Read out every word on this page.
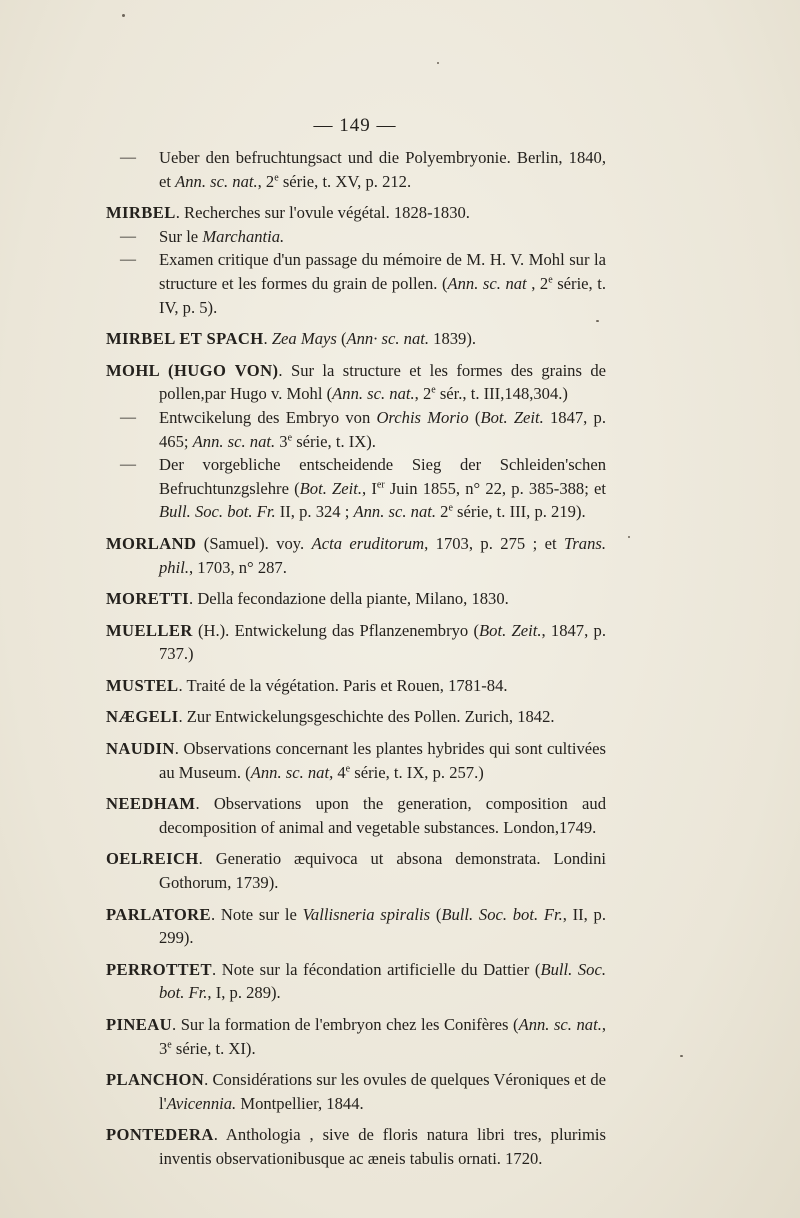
— 149 —
— Ueber den befruchtungsact und die Polyembryonie. Berlin, 1840, et Ann. sc. nat., 2e série, t. XV, p. 212.
MIRBEL. Recherches sur l'ovule végétal. 1828-1830.
— Sur le Marchantia.
— Examen critique d'un passage du mémoire de M. H. V. Mohl sur la structure et les formes du grain de pollen. (Ann. sc. nat , 2e série, t. IV, p. 5).
MIRBEL ET SPACH. Zea Mays (Ann· sc. nat. 1839).
MOHL (HUGO VON). Sur la structure et les formes des grains de pollen,par Hugo v. Mohl (Ann. sc. nat., 2e sér., t. III,148,304.)
— Entwcikelung des Embryo von Orchis Morio (Bot. Zeit. 1847, p. 465; Ann. sc. nat. 3e série, t. IX).
— Der vorgebliche entscheidende Sieg der Schleiden'schen Befruchtunzgslehre (Bot. Zeit., Ier Juin 1855, n° 22, p. 385-388; et Bull. Soc. bot. Fr. II, p. 324 ; Ann. sc. nat. 2e série, t. III, p. 219).
MORLAND (Samuel). voy. Acta eruditorum, 1703, p. 275 ; et Trans. phil., 1703, n° 287.
MORETTI. Della fecondazione della piante, Milano, 1830.
MUELLER (H.). Entwickelung das Pflanzenembryo (Bot. Zeit., 1847, p. 737.)
MUSTEL. Traité de la végétation. Paris et Rouen, 1781-84.
NÆGELI. Zur Entwickelungsgeschichte des Pollen. Zurich, 1842.
NAUDIN. Observations concernant les plantes hybrides qui sont cultivées au Museum. (Ann. sc. nat, 4e série, t. IX, p. 257.)
NEEDHAM. Observations upon the generation, composition aud decomposition of animal and vegetable substances. London,1749.
OELREICH. Generatio æquivoca ut absona demonstrata. Londini Gothorum, 1739).
PARLATORE. Note sur le Vallisneria spiralis (Bull. Soc. bot. Fr., II, p. 299).
PERROTTET. Note sur la fécondation artificielle du Dattier (Bull. Soc. bot. Fr., I, p. 289).
PINEAU. Sur la formation de l'embryon chez les Conifères (Ann. sc. nat., 3e série, t. XI).
PLANCHON. Considérations sur les ovules de quelques Véroniques et de l'Avicennia. Montpellier, 1844.
PONTEDERA. Anthologia , sive de floris natura libri tres, plurimis inventis observationibusque ac æneis tabulis ornati. 1720.
